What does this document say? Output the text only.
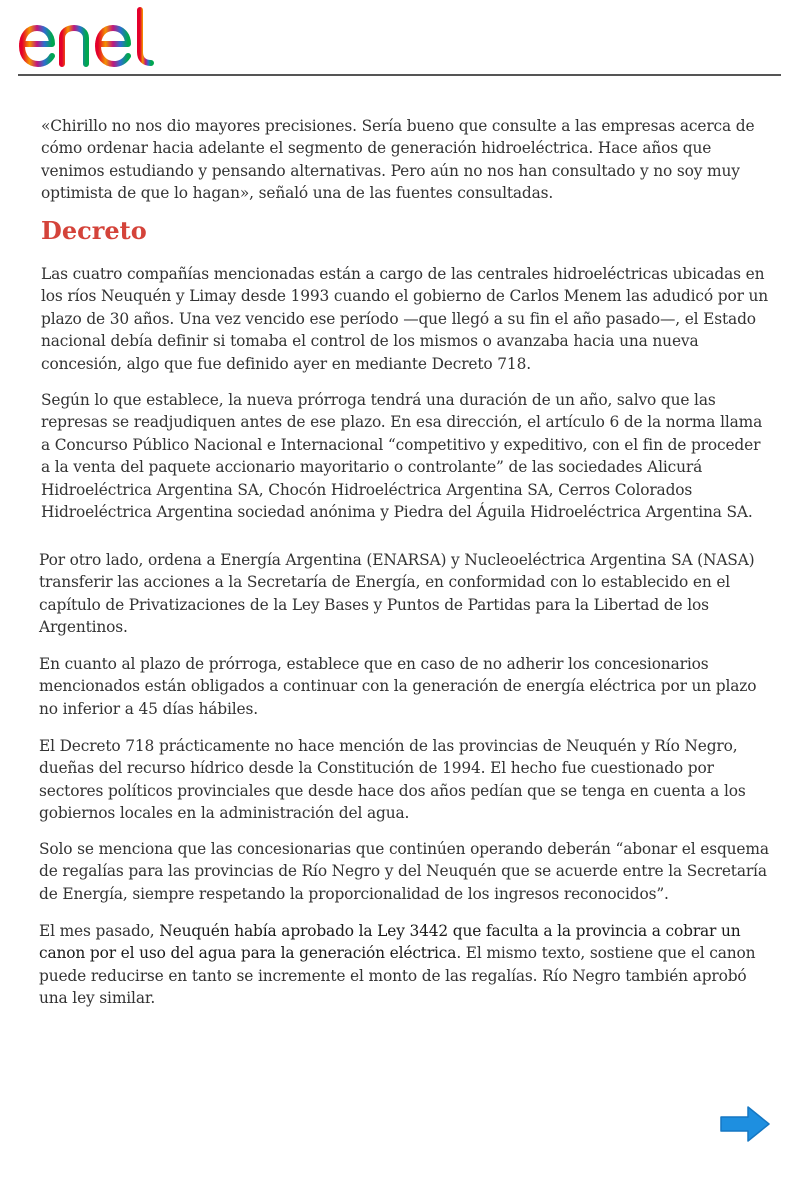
«Chirillo no nos dio mayores precisiones. Sería bueno que consulte a las empresas acerca de cómo ordenar hacia adelante el segmento de generación hidroeléctrica. Hace años que venimos estudiando y pensando alternativas. Pero aún no nos han consultado y no soy muy optimista de que lo hagan», señaló una de las fuentes consultadas.

Decreto

Las cuatro compañías mencionadas están a cargo de las centrales hidroeléctricas ubicadas en los ríos Neuquén y Limay desde 1993 cuando el gobierno de Carlos Menem las adudicó por un plazo de 30 años. Una vez vencido ese período —que llegó a su fin el año pasado—, el Estado nacional debía definir si tomaba el control de los mismos o avanzaba hacia una nueva concesión, algo que fue definido ayer en mediante Decreto 718.

Según lo que establece, la nueva prórroga tendrá una duración de un año, salvo que las represas se readjudiquen antes de ese plazo. En esa dirección, el artículo 6 de la norma llama a Concurso Público Nacional e Internacional “competitivo y expeditivo, con el fin de proceder a la venta del paquete accionario mayoritario o controlante” de las sociedades Alicurá Hidroeléctrica Argentina SA, Chocón Hidroeléctrica Argentina SA, Cerros Colorados Hidroeléctrica Argentina sociedad anónima y Piedra del Águila Hidroeléctrica Argentina SA.

Por otro lado, ordena a Energía Argentina (ENARSA) y Nucleoeléctrica Argentina SA (NASA) transferir las acciones a la Secretaría de Energía, en conformidad con lo establecido en el capítulo de Privatizaciones de la Ley Bases y Puntos de Partidas para la Libertad de los Argentinos.

En cuanto al plazo de prórroga, establece que en caso de no adherir los concesionarios mencionados están obligados a continuar con la generación de energía eléctrica por un plazo no inferior a 45 días hábiles.

El Decreto 718 prácticamente no hace mención de las provincias de Neuquén y Río Negro, dueñas del recurso hídrico desde la Constitución de 1994. El hecho fue cuestionado por sectores políticos provinciales que desde hace dos años pedían que se tenga en cuenta a los gobiernos locales en la administración del agua.

Solo se menciona que las concesionarias que continúen operando deberán “abonar el esquema de regalías para las provincias de Río Negro y del Neuquén que se acuerde entre la Secretaría de Energía, siempre respetando la proporcionalidad de los ingresos reconocidos”.

El mes pasado, Neuquén había aprobado la Ley 3442 que faculta a la provincia a cobrar un canon por el uso del agua para la generación eléctrica. El mismo texto, sostiene que el canon puede reducirse en tanto se incremente el monto de las regalías. Río Negro también aprobó una ley similar.
